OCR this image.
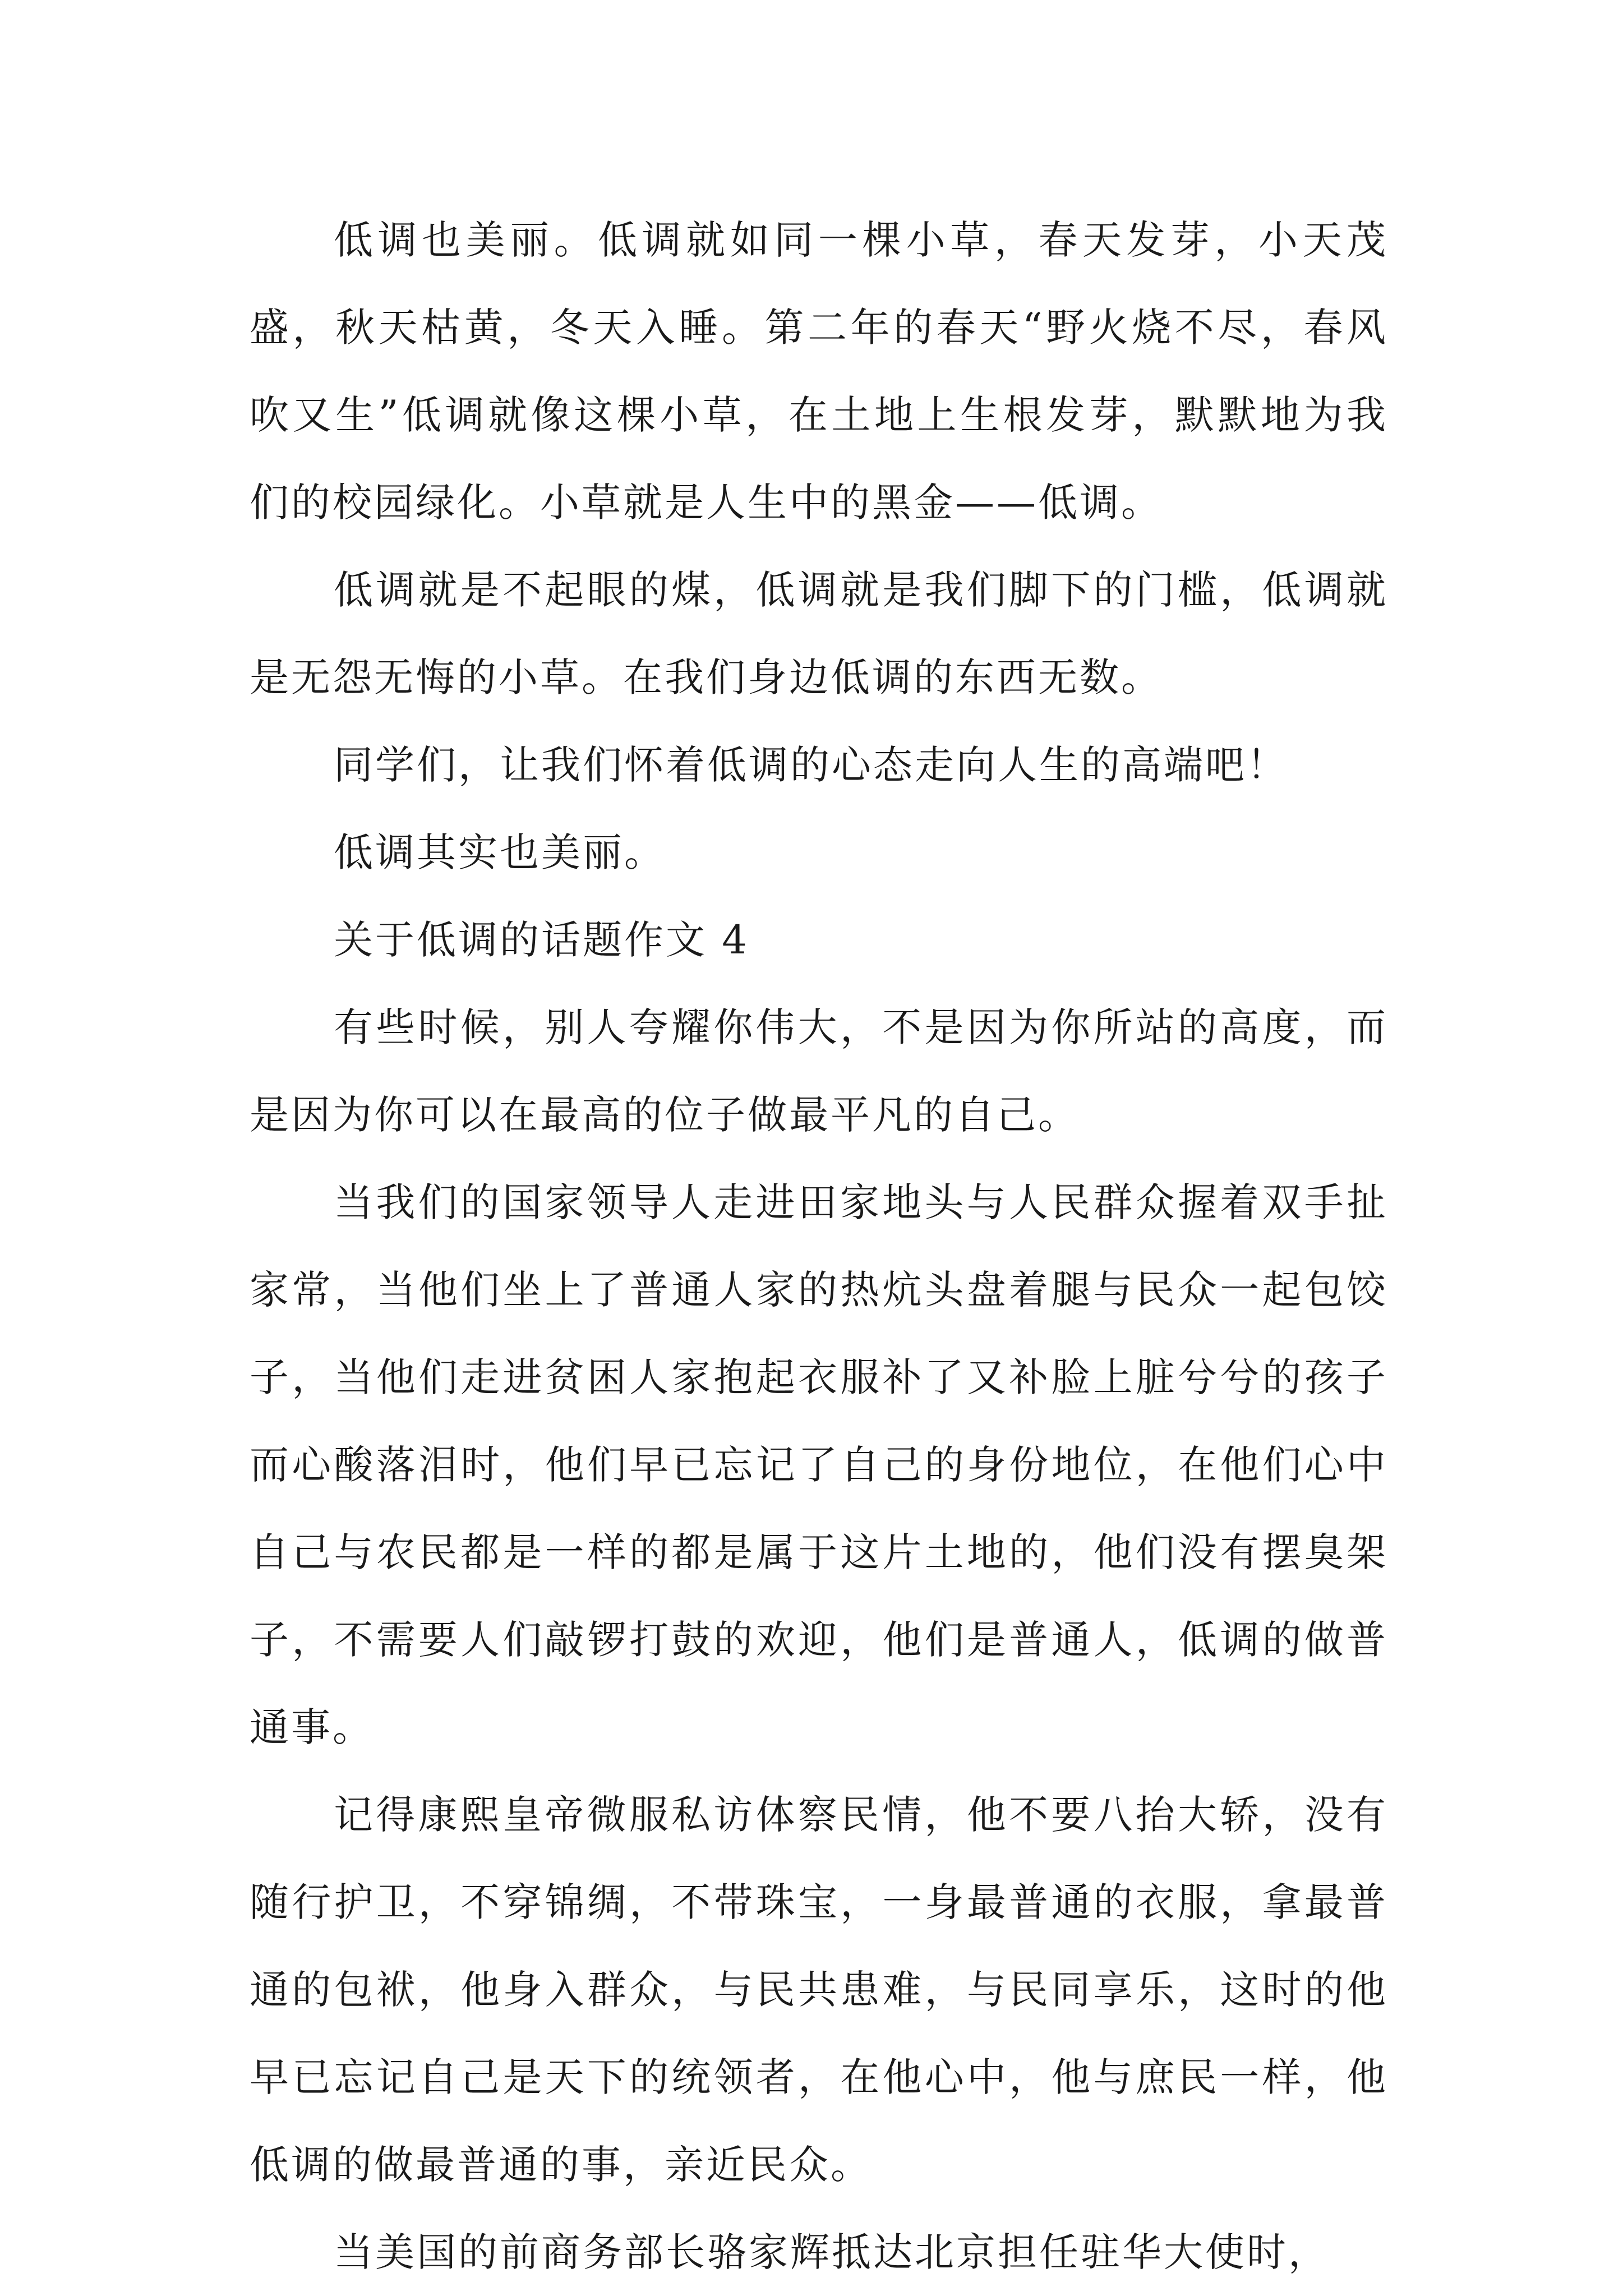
低调也美丽。低调就如同一棵小草，春天发芽，小天茂盛，秋天枯黄，冬天入睡。第二年的春天“野火烧不尽，春风吹又生”低调就像这棵小草，在土地上生根发芽，默默地为我们的校园绿化。小草就是人生中的黑金——低调。

低调就是不起眼的煤，低调就是我们脚下的门槛，低调就是无怨无悔的小草。在我们身边低调的东西无数。

同学们，让我们怀着低调的心态走向人生的高端吧！

低调其实也美丽。

关于低调的话题作文 4

有些时候，别人夸耀你伟大，不是因为你所站的高度，而是因为你可以在最高的位子做最平凡的自己。

当我们的国家领导人走进田家地头与人民群众握着双手扯家常，当他们坐上了普通人家的热炕头盘着腿与民众一起包饺子，当他们走进贫困人家抱起衣服补了又补脸上脏兮兮的孩子而心酸落泪时，他们早已忘记了自己的身份地位，在他们心中自己与农民都是一样的都是属于这片土地的，他们没有摆臭架子，不需要人们敲锣打鼓的欢迎，他们是普通人，低调的做普通事。

记得康熙皇帝微服私访体察民情，他不要八抬大轿，没有随行护卫，不穿锦绸，不带珠宝，一身最普通的衣服，拿最普通的包袱，他身入群众，与民共患难，与民同享乐，这时的他早已忘记自己是天下的统领者，在他心中，他与庶民一样，他低调的做最普通的事，亲近民众。

当美国的前商务部长骆家辉抵达北京担任驻华大使时，
